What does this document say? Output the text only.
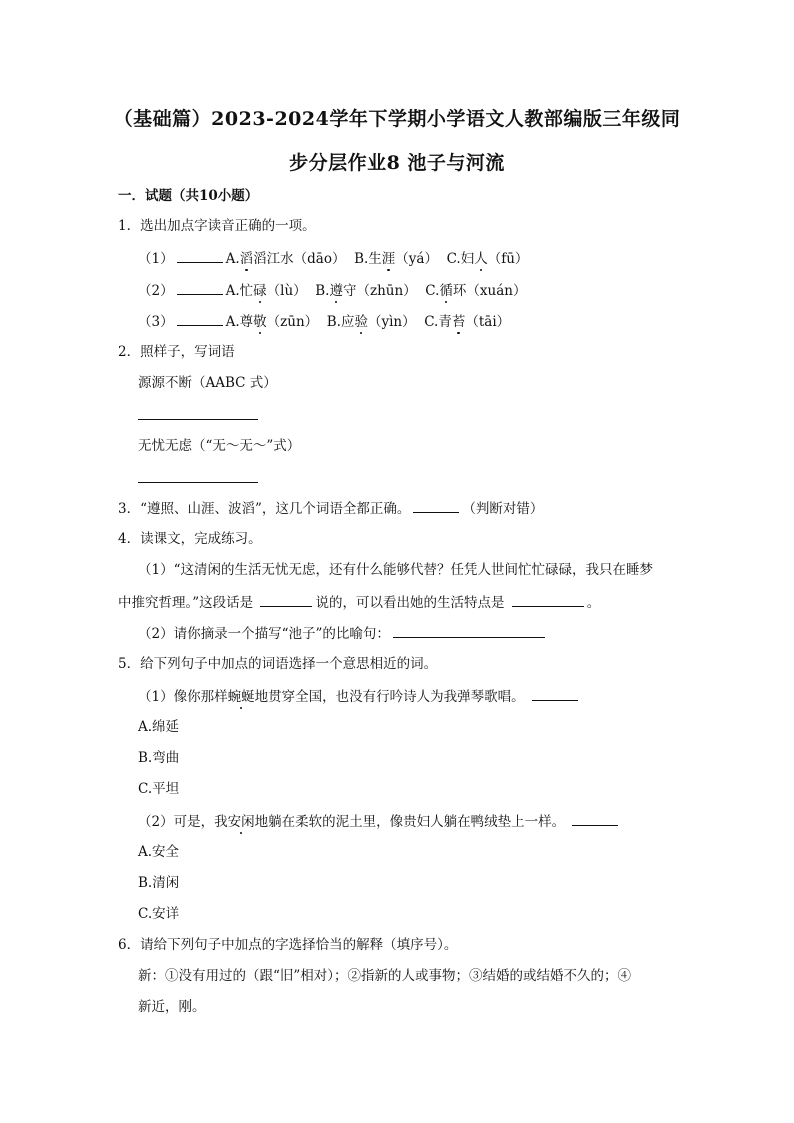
（基础篇）2023-2024学年下学期小学语文人教部编版三年级同
步分层作业8 池子与河流
一．试题（共10小题）
1．选出加点字读音正确的一项。
（1）	A.滔滔江水（dāo） B.生涯（yá） C.妇人（fū）
（2）	A.忙碌（lù） B.遵守（zhūn） C.循环（xuán）
（3）	A.尊敬（zūn） B.应验（yìn） C.青苔（tāi）
2．照样子，写词语
源源不断（AABC 式）
无忧无虑（“无～无～”式）
3．“遵照、山涯、波滔”，这几个词语全都正确。	（判断对错）
4．读课文，完成练习。
（1）“这清闲的生活无忧无虑，还有什么能够代替？任凭人世间忙忙碌碌，我只在睡梦
中推究哲理。”这段话是	说的，可以看出她的生活特点是	。
（2）请你摘录一个描写“池子”的比喻句：
5．给下列句子中加点的词语选择一个意思相近的词。
（1）像你那样蜿蜒地贯穿全国，也没有行吟诗人为我弹琴歌唱。
A.绵延
B.弯曲
C.平坦
（2）可是，我安闲地躺在柔软的泥土里，像贵妇人躺在鸭绒垫上一样。
A.安全
B.清闲
C.安详
6．请给下列句子中加点的字选择恰当的解释（填序号）。
新：①没有用过的（跟“旧”相对）；②指新的人或事物；③结婚的或结婚不久的；④
新近，刚。
